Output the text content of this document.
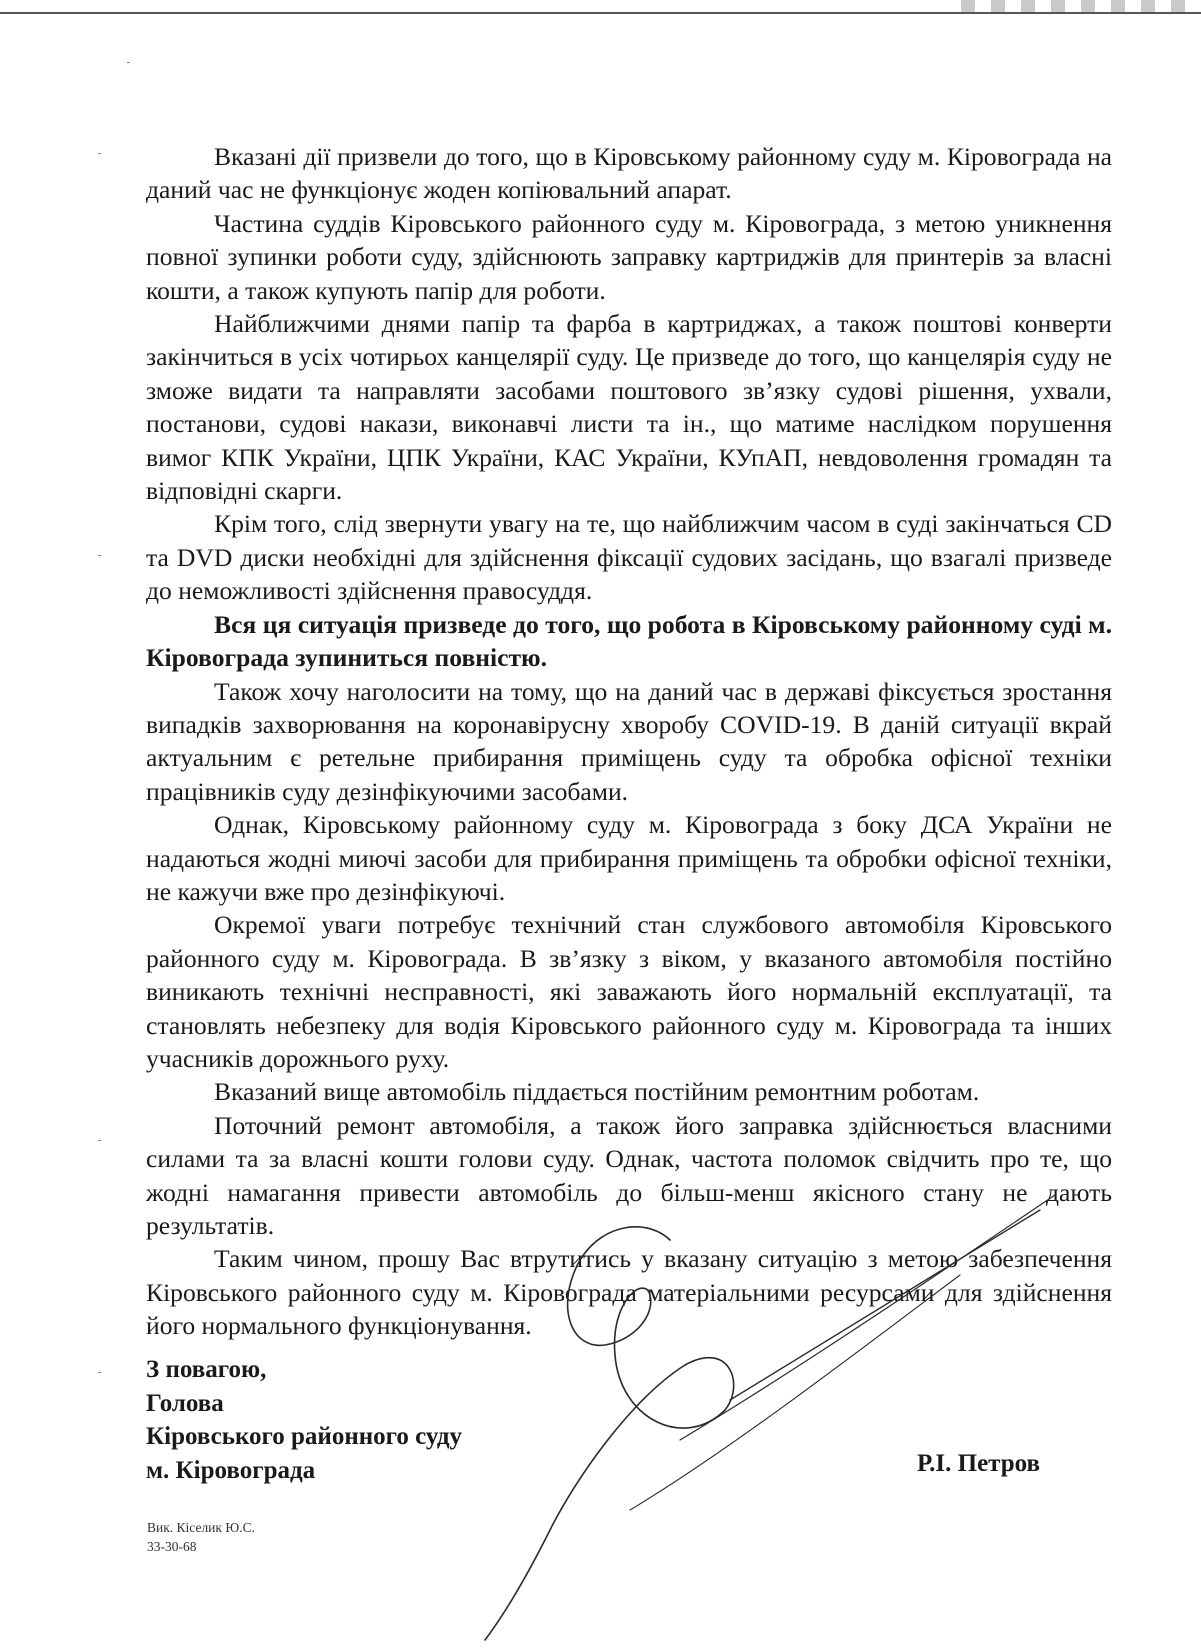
Вказані дії призвели до того, що в Кіровському районному суду м. Кіровограда на даний час не функціонує жоден копіювальний апарат.

Частина суддів Кіровського районного суду м. Кіровограда, з метою уникнення повної зупинки роботи суду, здійснюють заправку картриджів для принтерів за власні кошти, а також купують папір для роботи.

Найближчими днями папір та фарба в картриджах, а також поштові конверти закінчиться в усіх чотирьох канцелярії суду. Це призведе до того, що канцелярія суду не зможе видати та направляти засобами поштового зв’язку судові рішення, ухвали, постанови, судові накази, виконавчі листи та ін., що матиме наслідком порушення вимог КПК України, ЦПК України, КАС України, КУпАП, невдоволення громадян та відповідні скарги.

Крім того, слід звернути увагу на те, що найближчим часом в суді закінчаться CD та DVD диски необхідні для здійснення фіксації судових засідань, що взагалі призведе до неможливості здійснення правосуддя.

Вся ця ситуація призведе до того, що робота в Кіровському районному суді м. Кіровограда зупиниться повністю.

Також хочу наголосити на тому, що на даний час в державі фіксується зростання випадків захворювання на коронавірусну хворобу COVID-19. В даній ситуації вкрай актуальним є ретельне прибирання приміщень суду та обробка офісної техніки працівників суду дезінфікуючими засобами.

Однак, Кіровському районному суду м. Кіровограда з боку ДСА України не надаються жодні миючі засоби для прибирання приміщень та обробки офісної техніки, не кажучи вже про дезінфікуючі.

Окремої уваги потребує технічний стан службового автомобіля Кіровського районного суду м. Кіровограда. В зв’язку з віком, у вказаного автомобіля постійно виникають технічні несправності, які заважають його нормальній експлуатації, та становлять небезпеку для водія Кіровського районного суду м. Кіровограда та інших учасників дорожнього руху.

Вказаний вище автомобіль піддається постійним ремонтним роботам.

Поточний ремонт автомобіля, а також його заправка здійснюється власними силами та за власні кошти голови суду. Однак, частота поломок свідчить про те, що жодні намагання привести автомобіль до більш-менш якісного стану не дають результатів.

Таким чином, прошу Вас втрутитись у вказану ситуацію з метою забезпечення Кіровського районного суду м. Кіровограда матеріальними ресурсами для здійснення його нормального функціонування.

З повагою,
Голова
Кіровського районного суду
м. Кіровограда	Р.І. Петров
Вик. Кіселик Ю.С.
33-30-68
